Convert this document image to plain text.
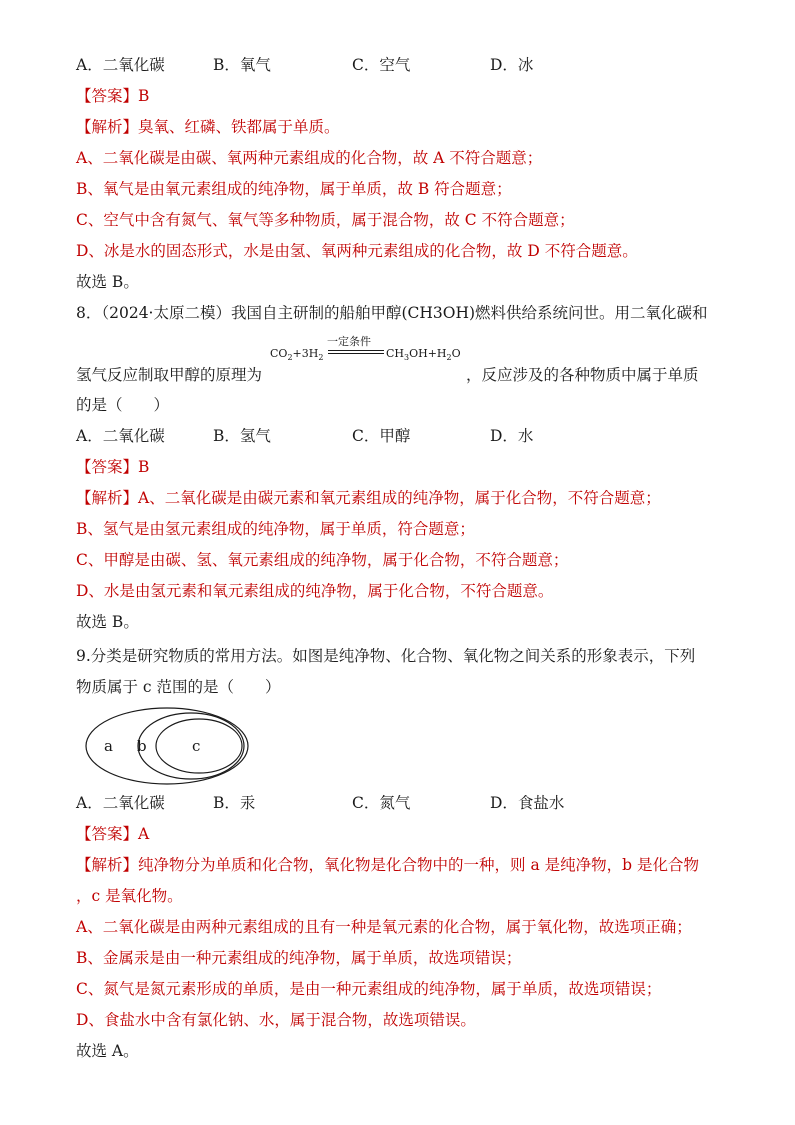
A．二氧化碳	B．氧气	C．空气	D．冰
【答案】B
【解析】臭氧、红磷、铁都属于单质。
A、二氧化碳是由碳、氧两种元素组成的化合物，故 A 不符合题意；
B、氧气是由氧元素组成的纯净物，属于单质，故 B 符合题意；
C、空气中含有氮气、氧气等多种物质，属于混合物，故 C 不符合题意；
D、冰是水的固态形式，水是由氢、氧两种元素组成的化合物，故 D 不符合题意。
故选 B。
8．（2024·太原二模）我国自主研制的船舶甲醇(CH3OH)燃料供给系统问世。用二氧化碳和
一定条件
$CO_2+3H_2$	$CH_3OH+H_2O$
氢气反应制取甲醇的原理为	，反应涉及的各种物质中属于单质
的是（　　）
A．二氧化碳	B．氢气	C．甲醇	D．水
【答案】B
【解析】A、二氧化碳是由碳元素和氧元素组成的纯净物，属于化合物，不符合题意；
B、氢气是由氢元素组成的纯净物，属于单质，符合题意；
C、甲醇是由碳、氢、氧元素组成的纯净物，属于化合物，不符合题意；
D、水是由氢元素和氧元素组成的纯净物，属于化合物，不符合题意。
故选 B。
9.分类是研究物质的常用方法。如图是纯净物、化合物、氧化物之间关系的形象表示，下列
物质属于 c 范围的是（　　）
a b	c
A．二氧化碳	B．汞	C．氮气	D．食盐水
【答案】A
【解析】纯净物分为单质和化合物，氧化物是化合物中的一种，则 a 是纯净物，b 是化合物
，c 是氧化物。
A、二氧化碳是由两种元素组成的且有一种是氧元素的化合物，属于氧化物，故选项正确；
B、金属汞是由一种元素组成的纯净物，属于单质，故选项错误；
C、氮气是氮元素形成的单质，是由一种元素组成的纯净物，属于单质，故选项错误；
D、食盐水中含有氯化钠、水，属于混合物，故选项错误。
故选 A。
